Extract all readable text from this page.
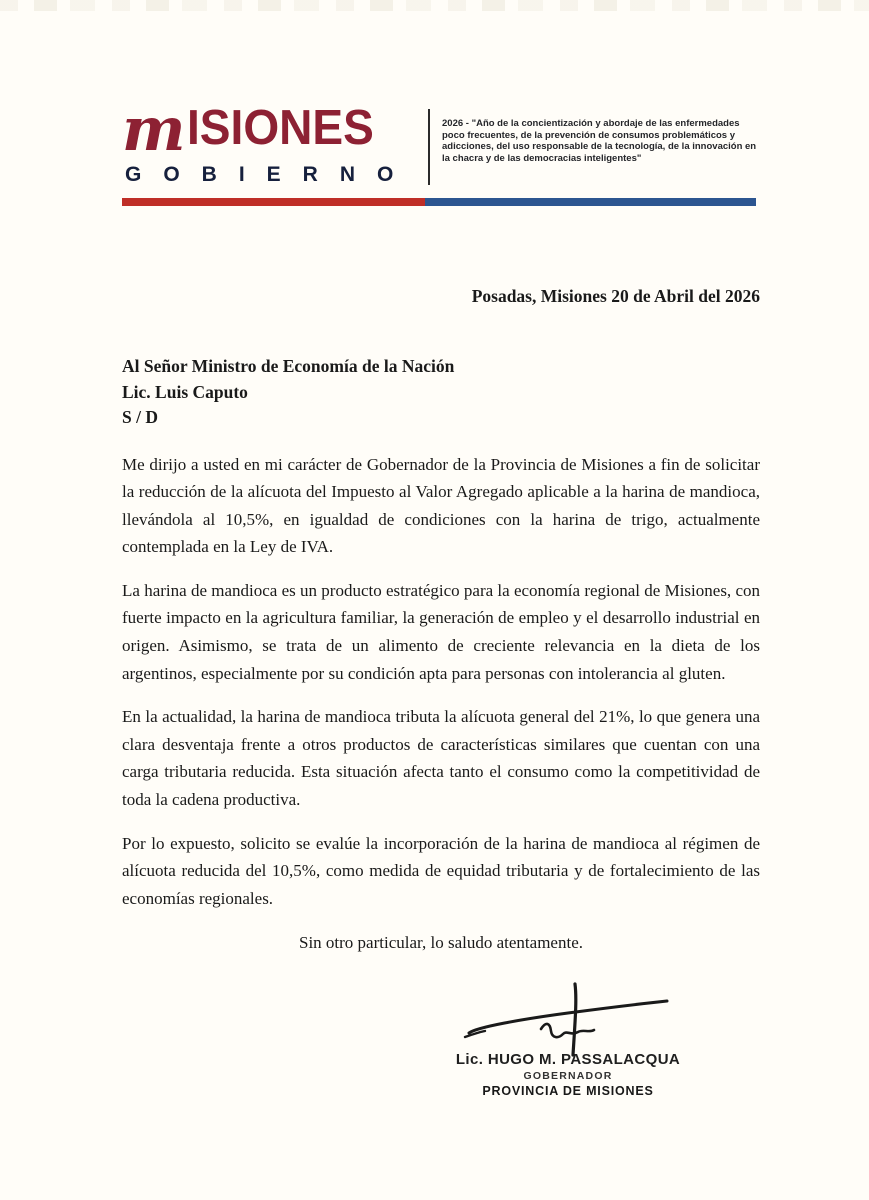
mISIONES
GOBIERNO
2026 - "Año de la concientización y abordaje de las enfermedades poco frecuentes, de la prevención de consumos problemáticos y adicciones, del uso responsable de la tecnología, de la innovación en la chacra y de las democracias inteligentes"
Posadas, Misiones 20 de Abril del 2026
Al Señor Ministro de Economía de la Nación
Lic. Luis Caputo
S / D

Me dirijo a usted en mi carácter de Gobernador de la Provincia de Misiones a fin de solicitar la reducción de la alícuota del Impuesto al Valor Agregado aplicable a la harina de mandioca, llevándola al 10,5%, en igualdad de condiciones con la harina de trigo, actualmente contemplada en la Ley de IVA.

La harina de mandioca es un producto estratégico para la economía regional de Misiones, con fuerte impacto en la agricultura familiar, la generación de empleo y el desarrollo industrial en origen. Asimismo, se trata de un alimento de creciente relevancia en la dieta de los argentinos, especialmente por su condición apta para personas con intolerancia al gluten.

En la actualidad, la harina de mandioca tributa la alícuota general del 21%, lo que genera una clara desventaja frente a otros productos de características similares que cuentan con una carga tributaria reducida. Esta situación afecta tanto el consumo como la competitividad de toda la cadena productiva.

Por lo expuesto, solicito se evalúe la incorporación de la harina de mandioca al régimen de alícuota reducida del 10,5%, como medida de equidad tributaria y de fortalecimiento de las economías regionales.

Sin otro particular, lo saludo atentamente.
Lic. HUGO M. PASSALACQUA
GOBERNADOR
PROVINCIA DE MISIONES
